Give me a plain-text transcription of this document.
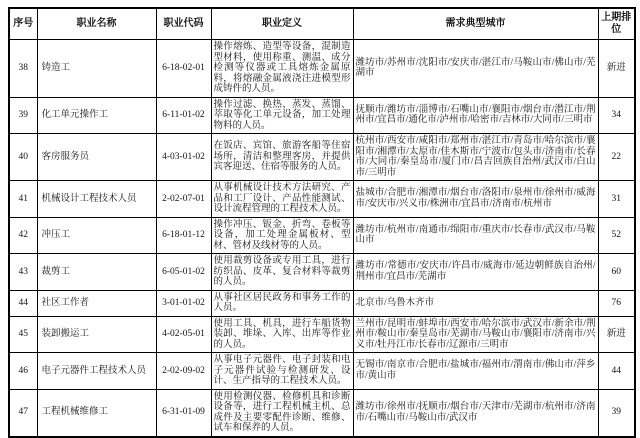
序号	职业名称	职业代码	职业定义	需求典型城市	上期排位
38	铸造工	6-18-02-01	操作熔炼、造型等设备，混制造型材料，使用称重、测温、成分检测等仪器或工具熔炼金属原料，将熔融金属液浇注进模型形成铸件的人员。	潍坊市/苏州市/沈阳市/安庆市/湛江市/马鞍山市/佛山市/芜湖市	新进
39	化工单元操作工	6-11-01-02	操作过滤、换热、蒸发、蒸馏、萃取等化工单元设备，加工处理物料的人员。	抚顺市/潍坊市/淄博市/石嘴山市/襄阳市/烟台市/潜江市/荆州市/宜昌市/通化市/泸州市/哈密市/吉林市/大同市/三明市	34
40	客房服务员	4-03-01-02	在饭店、宾馆、旅游客船等住宿场所，清洁和整理客房，并提供宾客迎送、住宿等服务的人员。	杭州市/西安市/咸阳市/郑州市/湛江市/青岛市/哈尔滨市/襄阳市/湘潭市/太原市/佳木斯市/宁波市/包头市/济南市/长春市/大同市/秦皇岛市/厦门市/昌吉回族自治州/武汉市/白山市/三明市	22
41	机械设计工程技术人员	2-02-07-01	从事机械设计技术方法研究、产品和工厂设计、产品性能测试、设计流程管理的工程技术人员。	盐城市/合肥市/湘潭市/烟台市/洛阳市/泉州市/徐州市/威海市/安庆市/兴义市/株洲市/宜昌市/济南市/杭州市	31
42	冲压工	6-18-01-12	操作冲压、钣金、折弯、卷板等设备，加工处理金属板材、型材、管材及线材等的人员。	潍坊市/杭州市/南通市/绵阳市/重庆市/长春市/武汉市/马鞍山市	52
43	裁剪工	6-05-01-02	使用裁剪设备或专用工具，进行纺织品、皮革、复合材料等裁剪的人员。	潍坊市/常德市/安庆市/许昌市/威海市/延边朝鲜族自治州/荆州市/宜昌市/芜湖市	60
44	社区工作者	3-01-01-02	从事社区居民政务和事务工作的人员。	北京市/乌鲁木齐市	76
45	装卸搬运工	4-02-05-01	使用工具、机具，进行车船货物装卸、堆垛、入库、出库等作业的人员。	兰州市/昆明市/蚌埠市/西安市/哈尔滨市/武汉市/新余市/荆州市/鞍山市/秦皇岛市/芜湖市/马鞍山市/襄阳市/济南市/兴义市/牡丹江市/长春市/辽源市/三明市	新进
46	电子元器件工程技术人员	2-02-09-02	从事电子元器件、电子封装和电子元器件试验与检测研发、设计、生产指导的工程技术人员。	无锡市/南京市/合肥市/盐城市/福州市/渭南市/佛山市/萍乡市/黄山市	44
47	工程机械维修工	6-31-01-09	使用检测仪器、检修机具和诊断设备等，进行工程机械主机、总成件及主要零配件诊断、维修、试车和保养的人员。	潍坊市/徐州市/抚顺市/烟台市/天津市/芜湖市/杭州市/济南市/石嘴山市/马鞍山市/武汉市	39
